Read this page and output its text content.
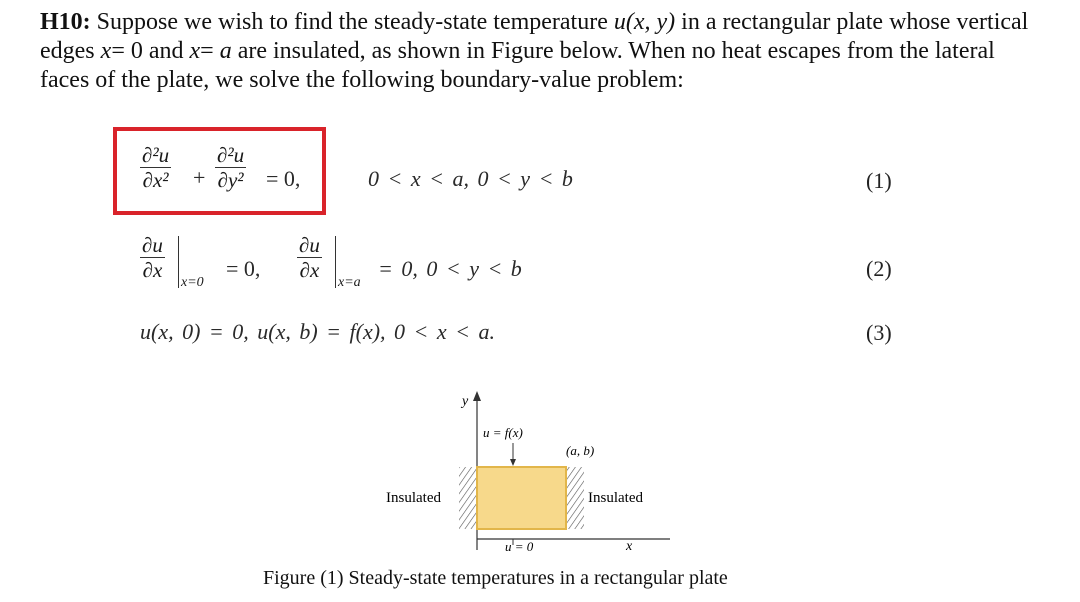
H10: Suppose we wish to find the steady-state temperature u(x, y) in a rectangular plate whose vertical edges x= 0 and x= a are insulated, as shown in Figure below. When no heat escapes from the lateral faces of the plate, we solve the following boundary-value problem:
∂²u
∂x² +
∂²u
∂y² = 0,	0 < x < a, 0 < y < b	(1)
∂u
∂x
x=0
= 0,
∂u
∂x
x=a
= 0, 0 < y < b	(2)
u(x, 0) = 0, u(x, b) = f(x), 0 < x < a.	(3)
y
x
u = f(x)
(a, b)
Insulated	Insulated
u = 0
Figure (1) Steady-state temperatures in a rectangular plate
